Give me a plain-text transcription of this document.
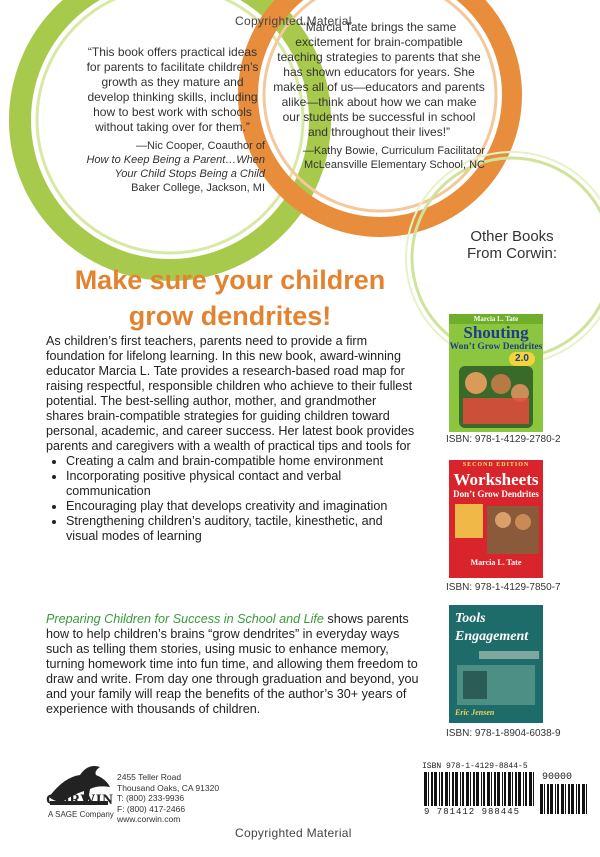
Copyrighted Material
“This book offers practical ideas for parents to facilitate children’s growth as they mature and develop thinking skills, including how to best work with schools without taking over for them.”
—Nic Cooper, Coauthor of
How to Keep Being a Parent…When Your Child Stops Being a Child
Baker College, Jackson, MI
“Marcia Tate brings the same excitement for brain-compatible teaching strategies to parents that she has shown educators for years. She makes all of us—educators and parents alike—think about how we can make our students be successful in school and throughout their lives!”
—Kathy Bowie, Curriculum Facilitator
McLeansville Elementary School, NC
Other Books From Corwin:
Make sure your children grow dendrites!
As children’s first teachers, parents need to provide a firm foundation for lifelong learning. In this new book, award-winning educator Marcia L. Tate provides a research-based road map for raising respectful, responsible children who achieve to their fullest potential. The best-selling author, mother, and grandmother shares brain-compatible strategies for guiding children toward personal, academic, and career success. Her latest book provides parents and caregivers with a wealth of practical tips and tools for
• Creating a calm and brain-compatible home environment
• Incorporating positive physical contact and verbal communication
• Encouraging play that develops creativity and imagination
• Strengthening children’s auditory, tactile, kinesthetic, and visual modes of learning
Preparing Children for Success in School and Life shows parents how to help children’s brains “grow dendrites” in everyday ways such as telling them stories, using music to enhance memory, turning homework time into fun time, and allowing them freedom to draw and write. From day one through graduation and beyond, you and your family will reap the benefits of the author’s 30+ years of experience with thousands of children.
Marcia L. Tate
Shouting
Won’t Grow Dendrites
2.0
ISBN: 978-1-4129-2780-2
SECOND EDITION
Worksheets
Don’t Grow Dendrites
Marcia L. Tate
ISBN: 978-1-4129-7850-7
Tools
Engagement
Eric Jensen
ISBN: 978-1-8904-6038-9
CORWIN
A SAGE Company
2455 Teller Road
Thousand Oaks, CA 91320
T: (800) 233-9936
F: (800) 417-2466
www.corwin.com
ISBN 978-1-4129-8844-5
90000
9 781412 988445
Copyrighted Material
